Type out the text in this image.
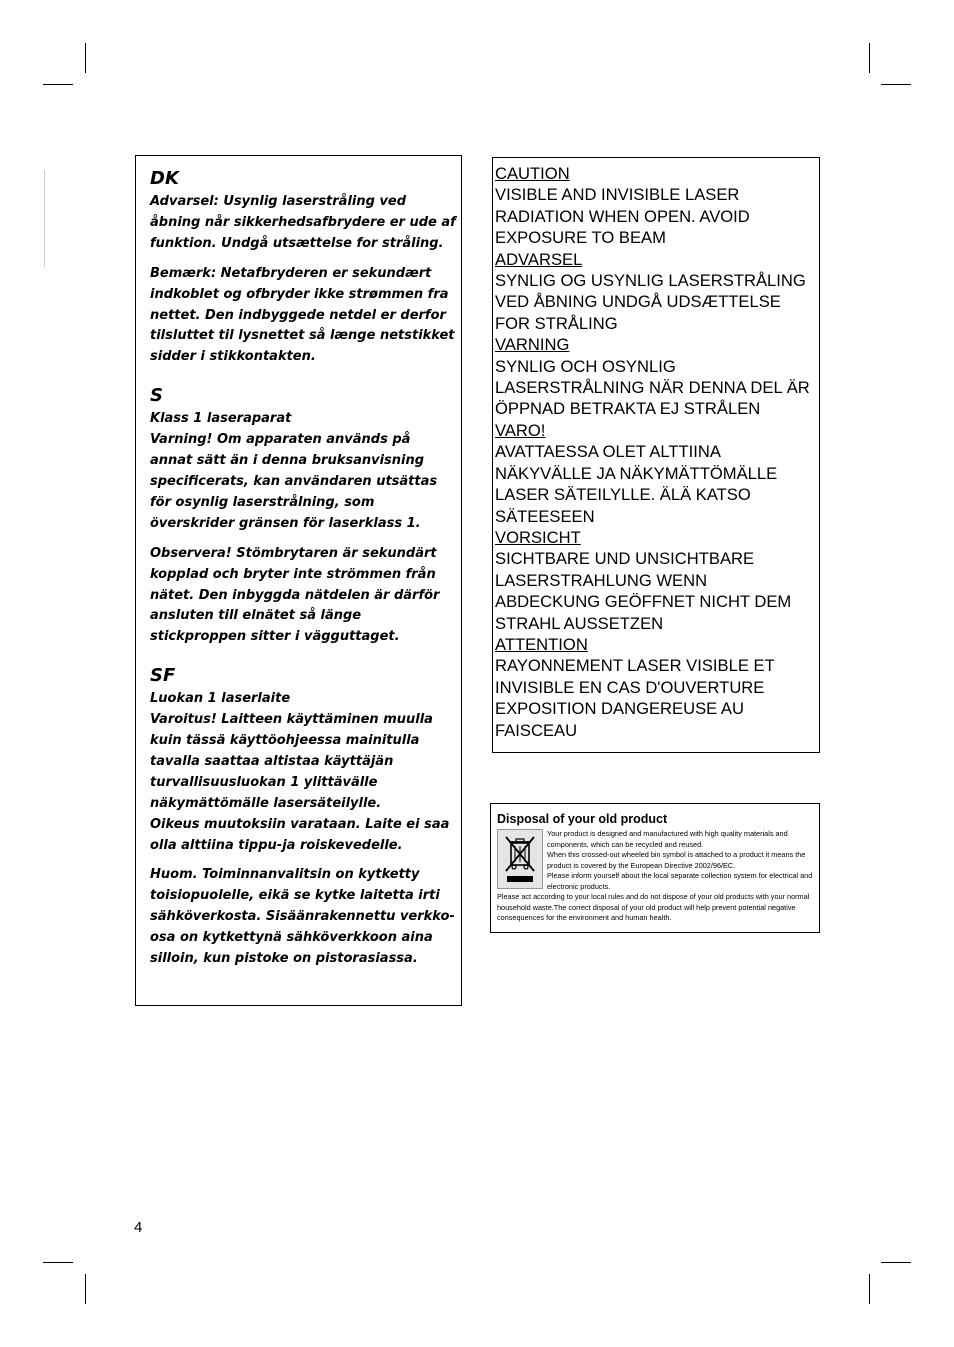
DK

Advarsel: Usynlig laserstråling ved åbning når sikkerhedsafbrydere er ude af funktion. Undgå utsættelse for stråling.

Bemærk: Netafbryderen er sekundært indkoblet og ofbryder ikke strømmen fra nettet. Den indbyggede netdel er derfor tilsluttet til lysnettet så længe netstikket sidder i stikkontakten.

S

Klass 1 laseraparat

Varning! Om apparaten används på annat sätt än i denna bruksanvisning specificerats, kan användaren utsättas för osynlig laserstrålning, som överskrider gränsen för laserklass 1.

Observera! Stömbrytaren är sekundärt kopplad och bryter inte strömmen från nätet. Den inbyggda nätdelen är därför ansluten till elnätet så länge stickproppen sitter i vägguttaget.

SF

Luokan 1 laserlaite

Varoitus! Laitteen käyttäminen muulla kuin tässä käyttöohjeessa mainitulla tavalla saattaa altistaa käyttäjän turvallisuusluokan 1 ylittävälle näkymättömälle lasersäteilylle.

Oikeus muutoksiin varataan. Laite ei saa olla alttiina tippu-ja roiskevedelle.

Huom. Toiminnanvalitsin on kytketty toisiopuolelle, eikä se kytke laitetta irti sähköverkosta. Sisäänrakennettu verkko-osa on kytkettynä sähköverkkoon aina silloin, kun pistoke on pistorasiassa.

CAUTION
VISIBLE AND INVISIBLE LASER
RADIATION WHEN OPEN. AVOID
EXPOSURE TO BEAM
ADVARSEL
SYNLIG OG USYNLIG LASERSTRÅLING
VED ÅBNING UNDGÅ UDSÆTTELSE
FOR STRÅLING
VARNING
SYNLIG OCH OSYNLIG
LASERSTRÅLNING NÄR DENNA DEL ÄR
ÖPPNAD BETRAKTA EJ STRÅLEN
VARO!
AVATTAESSA OLET ALTTIINA
NÄKYVÄLLE JA NÄKYMÄTTÖMÄLLE
LASER SÄTEILYLLE. ÄLÄ KATSO
SÄTEESEEN
VORSICHT
SICHTBARE UND UNSICHTBARE
LASERSTRAHLUNG WENN
ABDECKUNG GEÖFFNET NICHT DEM
STRAHL AUSSETZEN
ATTENTION
RAYONNEMENT LASER VISIBLE ET
INVISIBLE EN CAS D'OUVERTURE
EXPOSITION DANGEREUSE AU
FAISCEAU
Disposal of your old product

Your product is designed and manufactured with high quality materials and components, which can be recycled and reused.

When this crossed-out wheeled bin symbol is attached to a product it means the product is covered by the European Directive 2002/96/EC.

Please inform yourself about the local separate collection system for electrical and electronic products.

Please act according to your local rules and do not dispose of your old products with your normal household waste.The correct disposal of your old product will help prevent potential negative consequences for the environment and human health.

4
